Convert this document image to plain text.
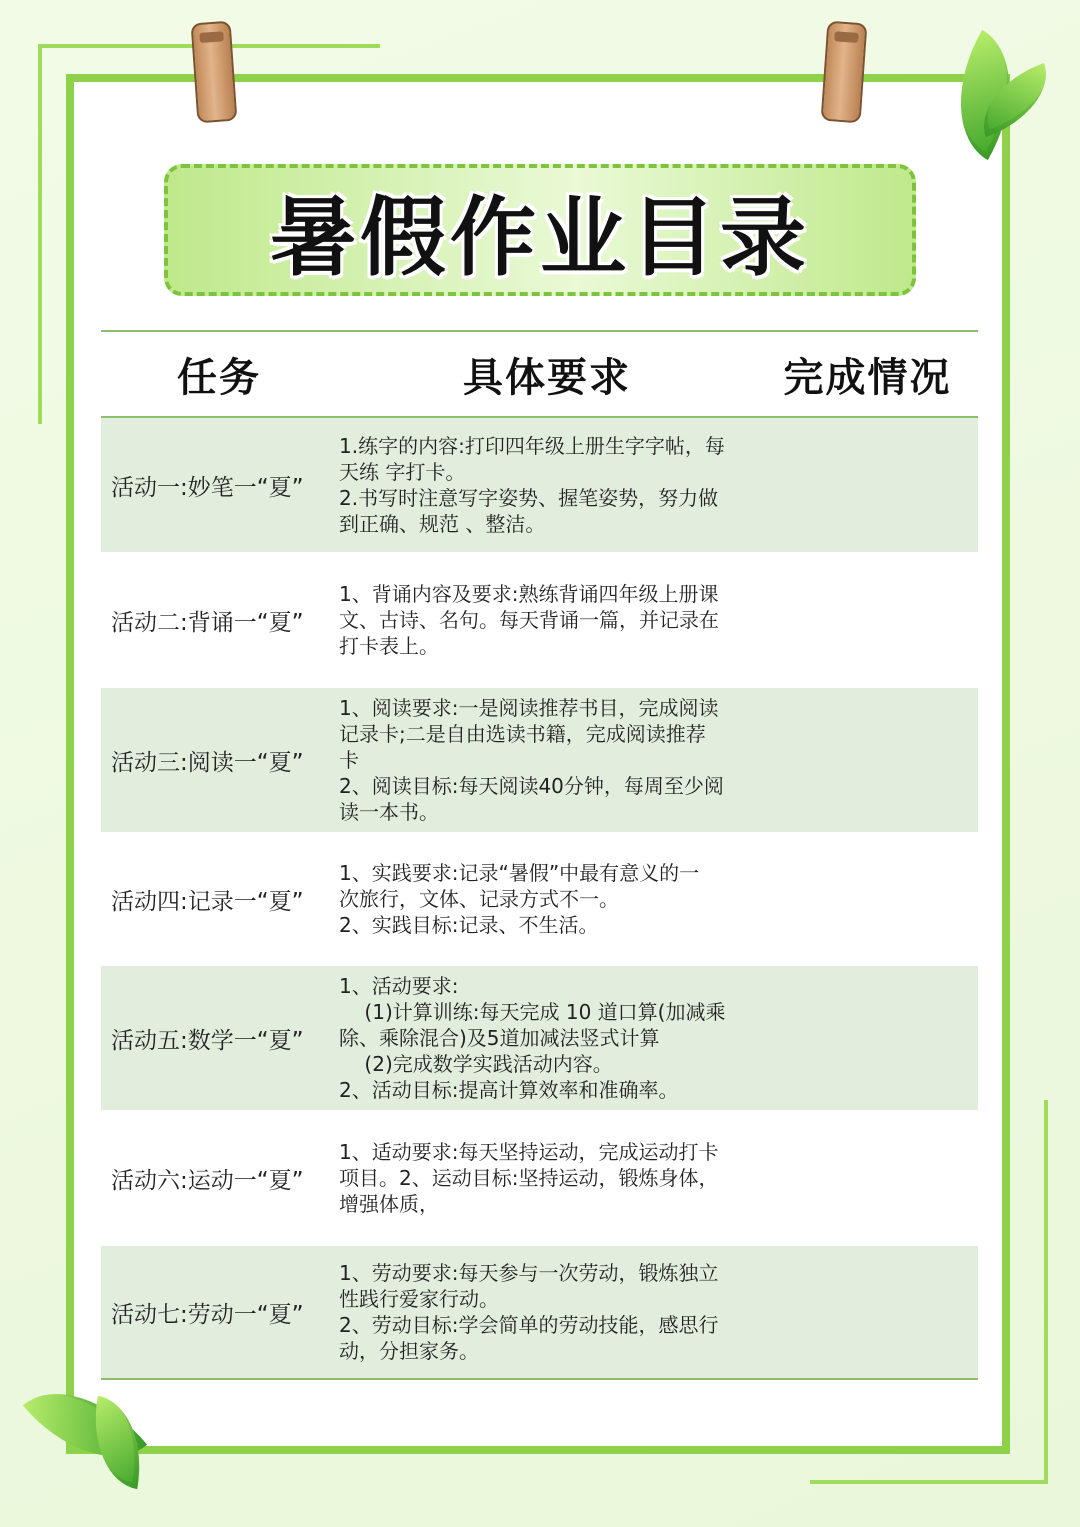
暑假作业目录
任务	具体要求	完成情况
活动一:妙笔一“夏”
1.练字的内容:打印四年级上册生字字帖，每
天练 字打卡。
2.书写时注意写字姿势、握笔姿势，努力做
到正确、规范 、整洁。
活动二:背诵一“夏”
1、背诵内容及要求:熟练背诵四年级上册课
文、古诗、名句。每天背诵一篇，并记录在
打卡表上。
活动三:阅读一“夏”
1、阅读要求:一是阅读推荐书目，完成阅读
记录卡;二是自由选读书籍，完成阅读推荐
卡
2、阅读目标:每天阅读40分钟，每周至少阅
读一本书。
活动四:记录一“夏”
1、实践要求:记录“暑假”中最有意义的一
次旅行，文体、记录方式不一。
2、实践目标:记录、不生活。
活动五:数学一“夏”
1、活动要求:
(1)计算训练:每天完成 10 道口算(加减乘
除、乘除混合)及5道加减法竖式计算
(2)完成数学实践活动内容。
2、活动目标:提高计算效率和准确率。
活动六:运动一“夏”
1、适动要求:每天坚持运动，完成运动打卡
项目。2、运动目标:坚持运动，锻炼身体，
增强体质，
活动七:劳动一“夏”
1、劳动要求:每天参与一次劳动，锻炼独立
性践行爱家行动。
2、劳动目标:学会简单的劳动技能，感思行
动，分担家务。
